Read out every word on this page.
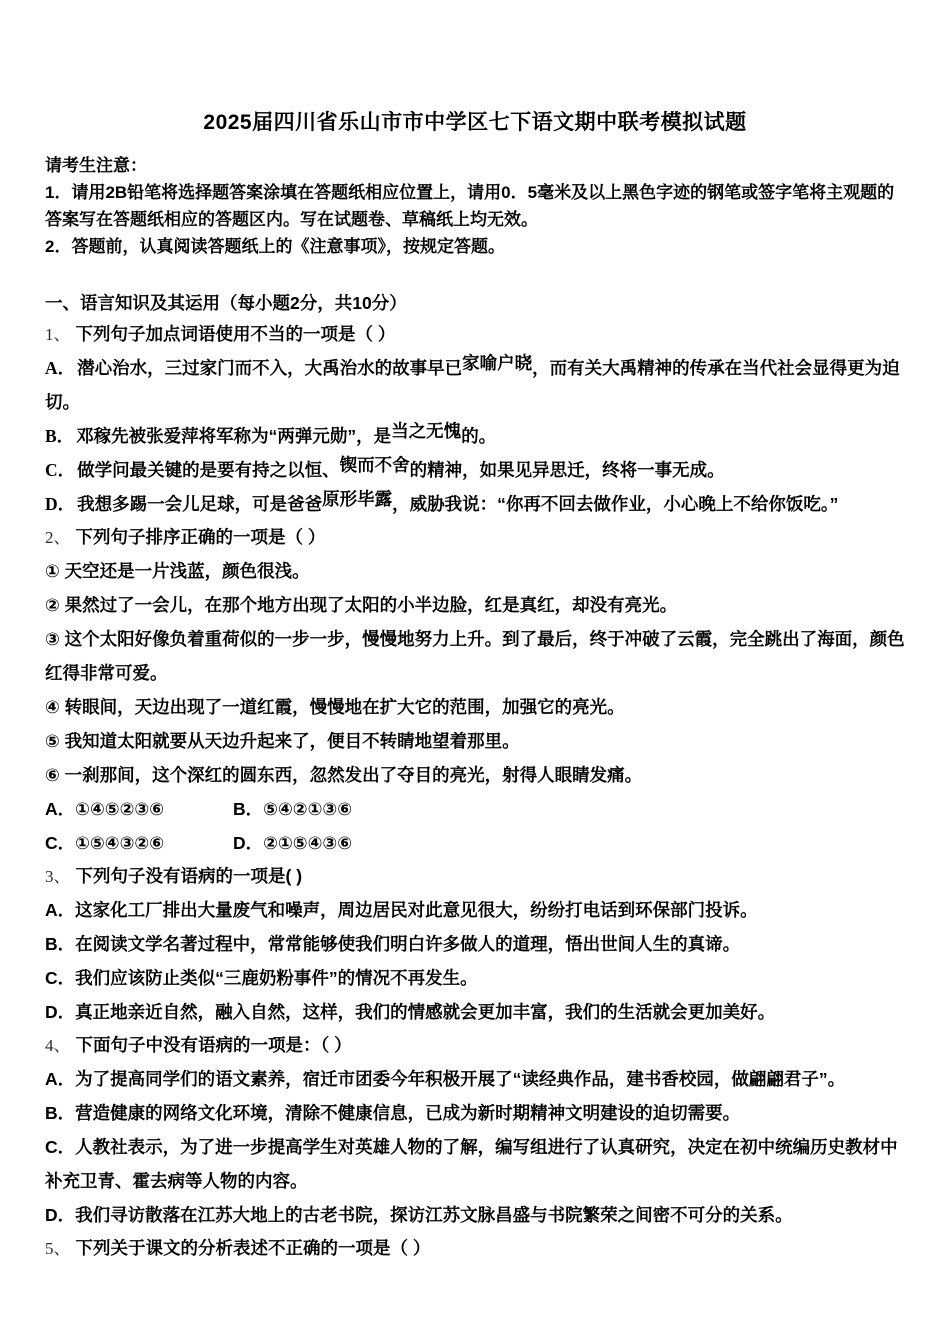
2025届四川省乐山市市中学区七下语文期中联考模拟试题

请考生注意：

1．请用2B铅笔将选择题答案涂填在答题纸相应位置上，请用0．5毫米及以上黑色字迹的钢笔或签字笔将主观题的答案写在答题纸相应的答题区内。写在试题卷、草稿纸上均无效。

2．答题前，认真阅读答题纸上的《注意事项》，按规定答题。

一、语言知识及其运用（每小题2分，共10分）

1、 下列句子加点词语使用不当的一项是（ ）

A． 潜心治水，三过家门而不入，大禹治水的故事早已家喻户晓，而有关大禹精神的传承在当代社会显得更为迫切。

B． 邓稼先被张爱萍将军称为“两弹元勋”，是当之无愧的。

C． 做学问最关键的是要有持之以恒、锲而不舍的精神，如果见异思迁，终将一事无成。

D． 我想多踢一会儿足球，可是爸爸原形毕露，威胁我说：“你再不回去做作业，小心晚上不给你饭吃。”

2、 下列句子排序正确的一项是（ ）

① 天空还是一片浅蓝，颜色很浅。

② 果然过了一会儿，在那个地方出现了太阳的小半边脸，红是真红，却没有亮光。

③ 这个太阳好像负着重荷似的一步一步，慢慢地努力上升。到了最后，终于冲破了云霞，完全跳出了海面，颜色红得非常可爱。

④ 转眼间，天边出现了一道红霞，慢慢地在扩大它的范围，加强它的亮光。

⑤ 我知道太阳就要从天边升起来了，便目不转睛地望着那里。

⑥ 一刹那间，这个深红的圆东西，忽然发出了夺目的亮光，射得人眼睛发痛。

A．①④⑤②③⑥	B．⑤④②①③⑥

C．①⑤④③②⑥	D．②①⑤④③⑥

3、 下列句子没有语病的一项是( )

A．这家化工厂排出大量废气和噪声，周边居民对此意见很大，纷纷打电话到环保部门投诉。

B．在阅读文学名著过程中，常常能够使我们明白许多做人的道理，悟出世间人生的真谛。

C．我们应该防止类似“三鹿奶粉事件”的情况不再发生。

D．真正地亲近自然，融入自然，这样，我们的情感就会更加丰富，我们的生活就会更加美好。

4、 下面句子中没有语病的一项是：（ ）

A．为了提高同学们的语文素养，宿迁市团委今年积极开展了“读经典作品，建书香校园，做翩翩君子”。

B．营造健康的网络文化环境，清除不健康信息，已成为新时期精神文明建设的迫切需要。

C．人教社表示，为了进一步提高学生对英雄人物的了解，编写组进行了认真研究，决定在初中统编历史教材中补充卫青、霍去病等人物的内容。

D．我们寻访散落在江苏大地上的古老书院，探访江苏文脉昌盛与书院繁荣之间密不可分的关系。

5、 下列关于课文的分析表述不正确的一项是（ ）
